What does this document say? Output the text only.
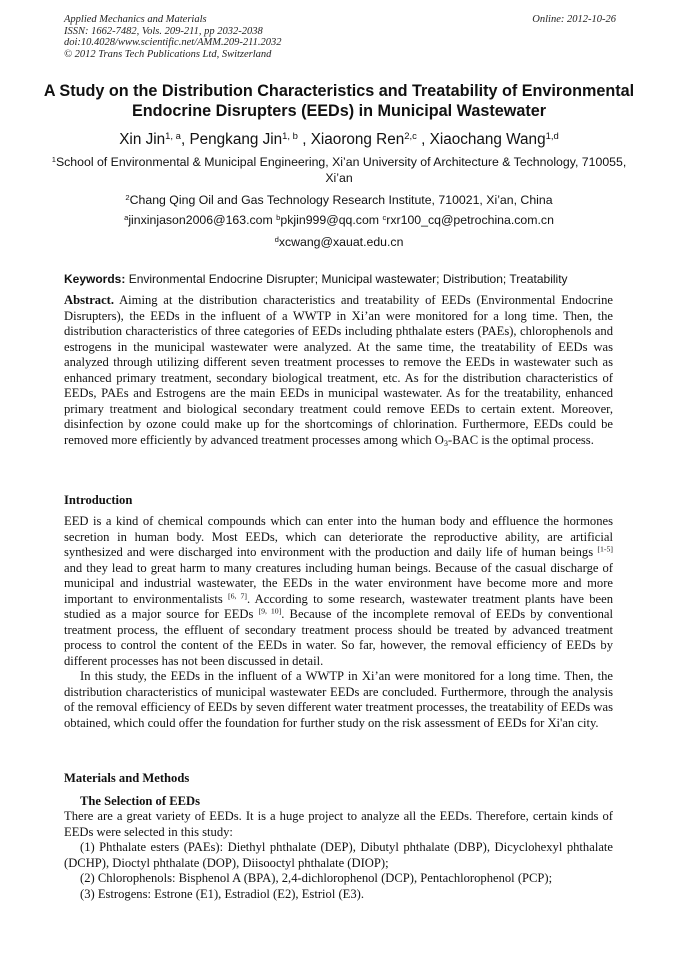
Applied Mechanics and Materials
ISSN: 1662-7482, Vols. 209-211, pp 2032-2038
doi:10.4028/www.scientific.net/AMM.209-211.2032
© 2012 Trans Tech Publications Ltd, Switzerland
Online: 2012-10-26
A Study on the Distribution Characteristics and Treatability of Environmental Endocrine Disrupters (EEDs) in Municipal Wastewater
Xin Jin$^{1, a}$, Pengkang Jin$^{1, b}$ , Xiaorong Ren$^{2,c}$ , Xiaochang Wang$^{1,d}$
$^1$School of Environmental & Municipal Engineering, Xi’an University of Architecture & Technology, 710055, Xi’an
$^2$Chang Qing Oil and Gas Technology Research Institute, 710021, Xi’an, China
$^a$jinxinjason2006@163.com $^b$pkjin999@qq.com $^c$rxr100_cq@petrochina.com.cn
$^d$xcwang@xauat.edu.cn
Keywords: Environmental Endocrine Disrupter; Municipal wastewater; Distribution; Treatability

Abstract. Aiming at the distribution characteristics and treatability of EEDs (Environmental Endocrine Disrupters), the EEDs in the influent of a WWTP in Xi’an were monitored for a long time. Then, the distribution characteristics of three categories of EEDs including phthalate esters (PAEs), chlorophenols and estrogens in the municipal wastewater were analyzed. At the same time, the treatability of EEDs was analyzed through utilizing different seven treatment processes to remove the EEDs in wastewater such as enhanced primary treatment, secondary biological treatment, etc. As for the distribution characteristics of EEDs, PAEs and Estrogens are the main EEDs in municipal wastewater. As for the treatability, enhanced primary treatment and biological secondary treatment could remove EEDs to certain extent. Moreover, disinfection by ozone could make up for the shortcomings of chlorination. Furthermore, EEDs could be removed more efficiently by advanced treatment processes among which $O_3$-BAC is the optimal process.

Introduction

EED is a kind of chemical compounds which can enter into the human body and effluence the hormones secretion in human body. Most EEDs, which can deteriorate the reproductive ability, are artificial synthesized and were discharged into environment with the production and daily life of human beings [1-5] and they lead to great harm to many creatures including human beings. Because of the casual discharge of municipal and industrial wastewater, the EEDs in the water environment have become more and more important to environmentalists [6, 7]. According to some research, wastewater treatment plants have been studied as a major source for EEDs [9, 10]. Because of the incomplete removal of EEDs by conventional treatment process, the effluent of secondary treatment process should be treated by advanced treatment process to control the content of the EEDs in water. So far, however, the removal efficiency of EEDs by different processes has not been discussed in detail.

In this study, the EEDs in the influent of a WWTP in Xi’an were monitored for a long time. Then, the distribution characteristics of municipal wastewater EEDs are concluded. Furthermore, through the analysis of the removal efficiency of EEDs by seven different water treatment processes, the treatability of EEDs was obtained, which could offer the foundation for further study on the risk assessment of EEDs for Xi'an city.

Materials and Methods
The Selection of EEDs

There are a great variety of EEDs. It is a huge project to analyze all the EEDs. Therefore, certain kinds of EEDs were selected in this study:

(1) Phthalate esters (PAEs): Diethyl phthalate (DEP), Dibutyl phthalate (DBP), Dicyclohexyl phthalate (DCHP), Dioctyl phthalate (DOP), Diisooctyl phthalate (DIOP);

(2) Chlorophenols: Bisphenol A (BPA), 2,4-dichlorophenol (DCP), Pentachlorophenol (PCP);

(3) Estrogens: Estrone (E1), Estradiol (E2), Estriol (E3).
